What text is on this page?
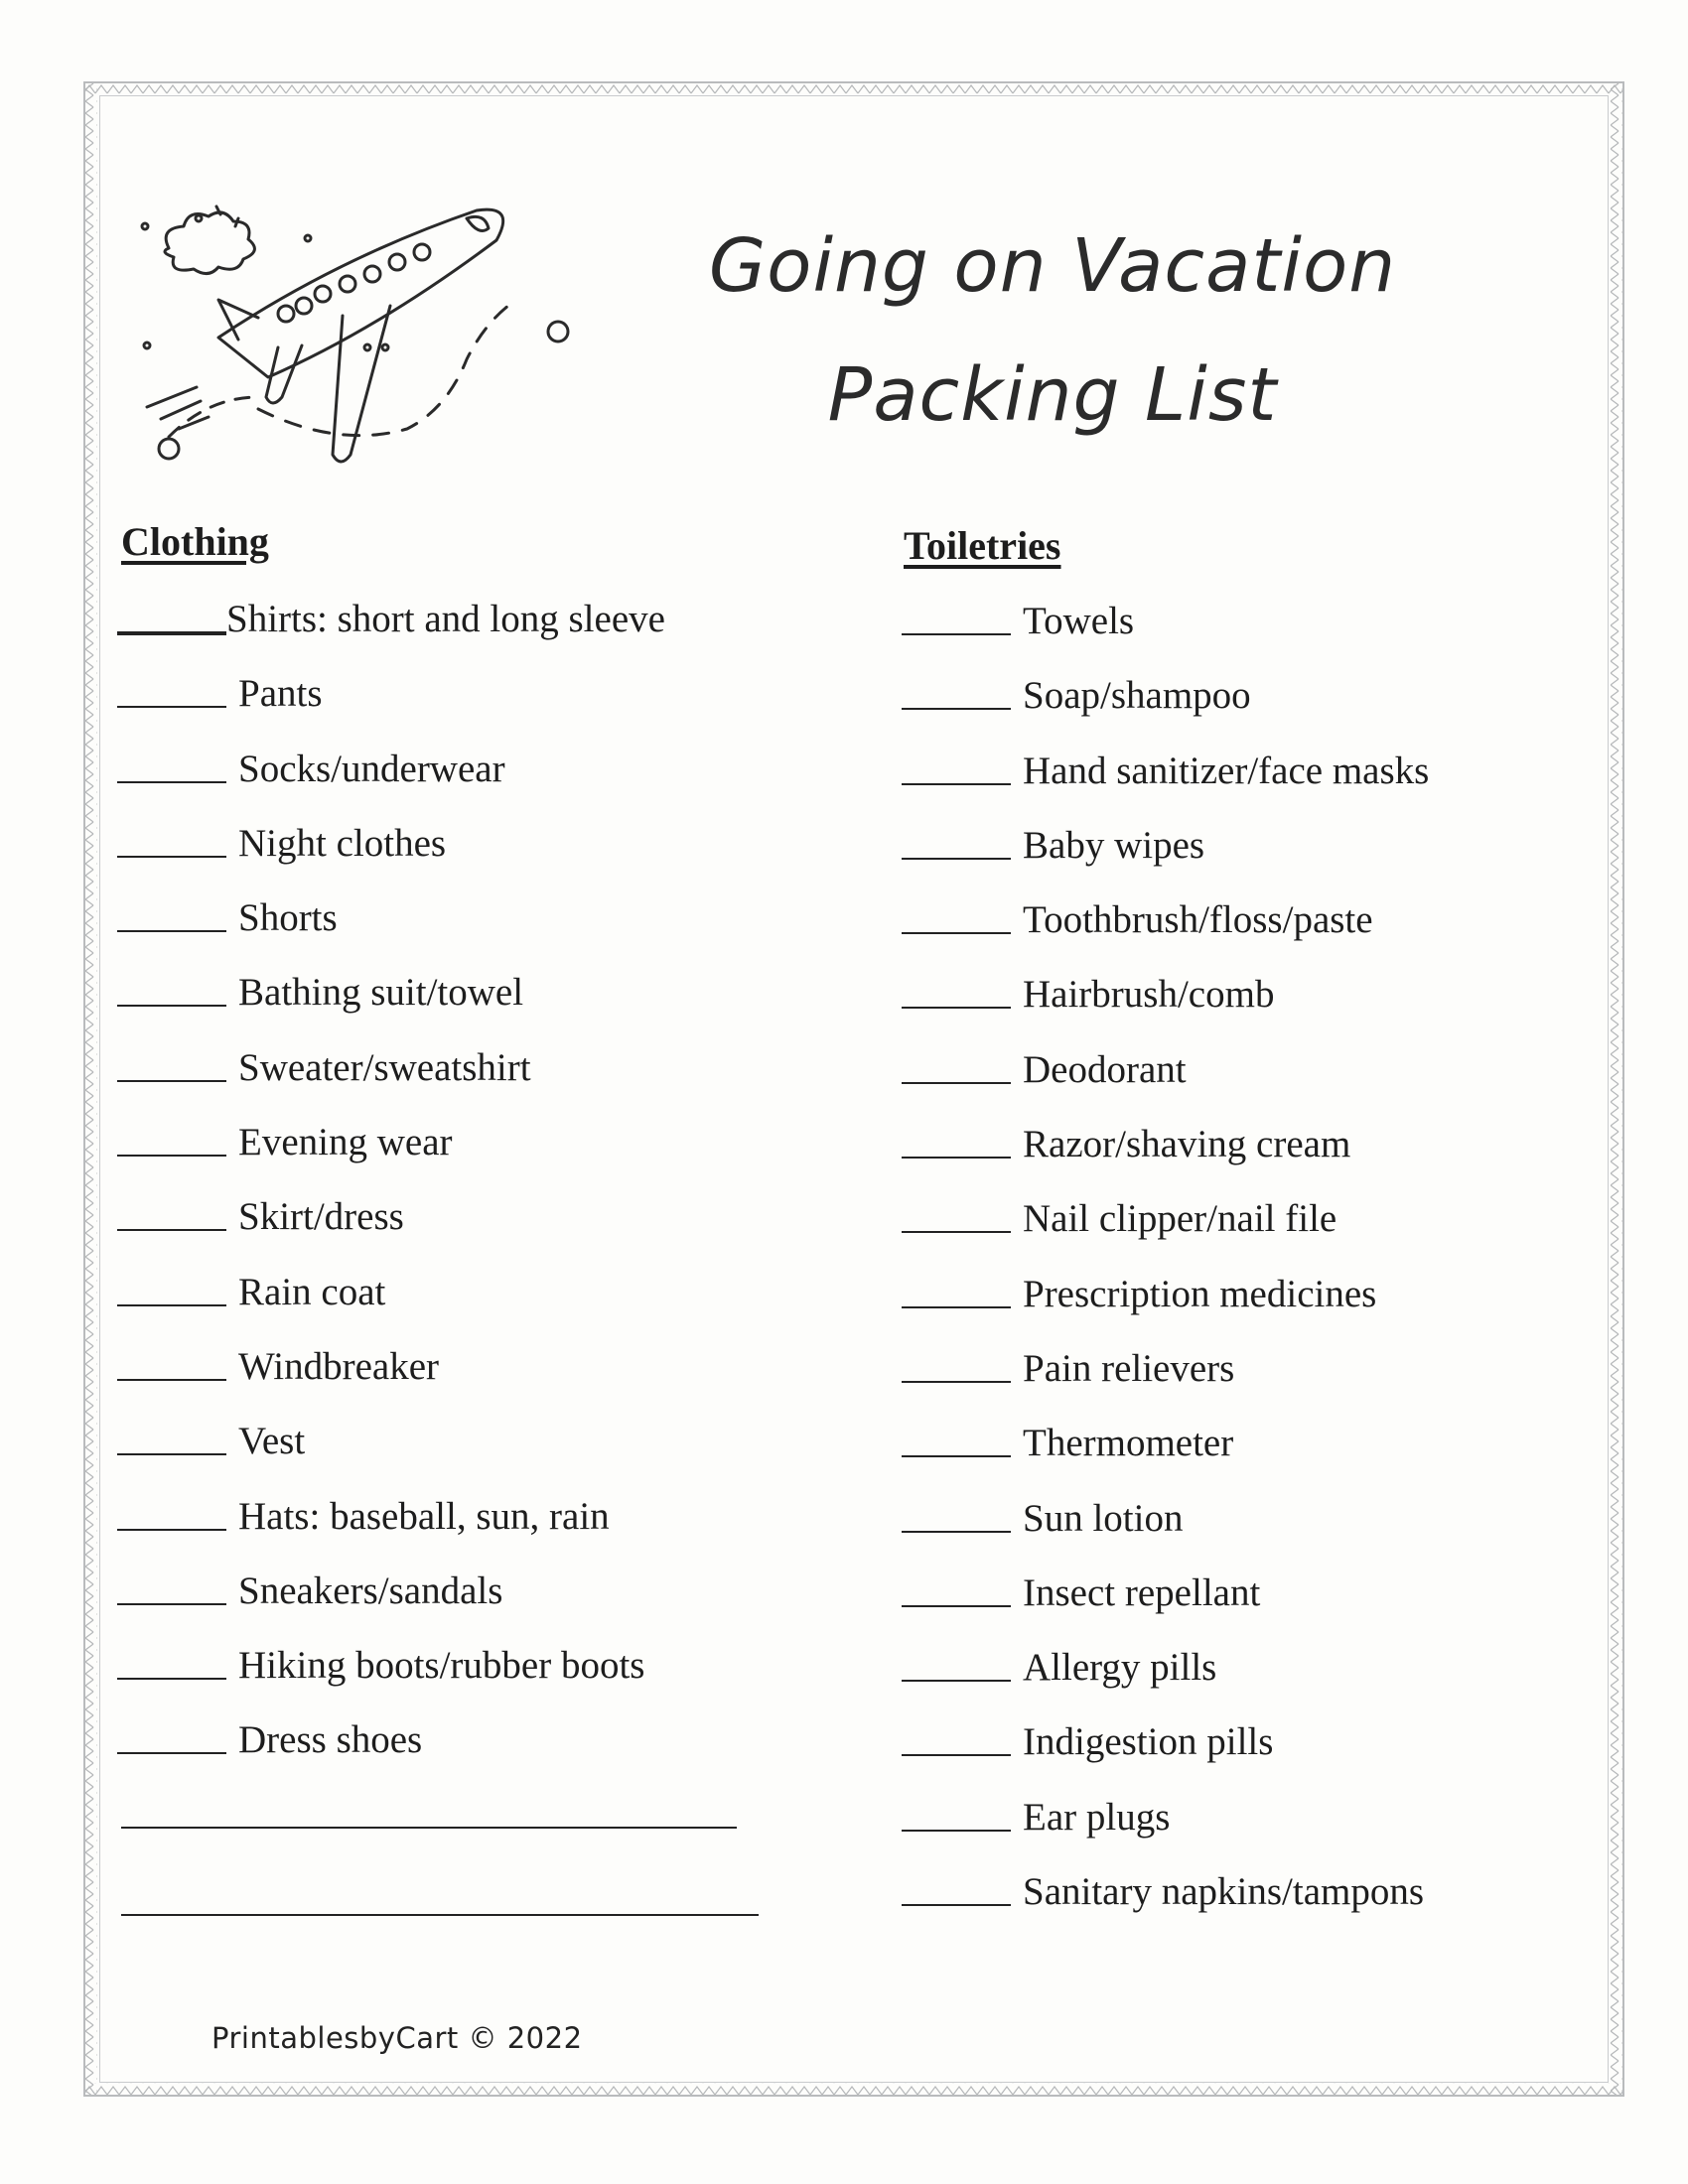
Going on Vacation
Packing List
Clothing	Toiletries
Shirts: short and long sleeve
Pants
Socks/underwear
Night clothes
Shorts
Bathing suit/towel
Sweater/sweatshirt
Evening wear
Skirt/dress
Rain coat
Windbreaker
Vest
Hats: baseball, sun, rain
Sneakers/sandals
Hiking boots/rubber boots
Dress shoes
Towels
Soap/shampoo
Hand sanitizer/face masks
Baby wipes
Toothbrush/floss/paste
Hairbrush/comb
Deodorant
Razor/shaving cream
Nail clipper/nail file
Prescription medicines
Pain relievers
Thermometer
Sun lotion
Insect repellant
Allergy pills
Indigestion pills
Ear plugs
Sanitary napkins/tampons
PrintablesbyCart © 2022
